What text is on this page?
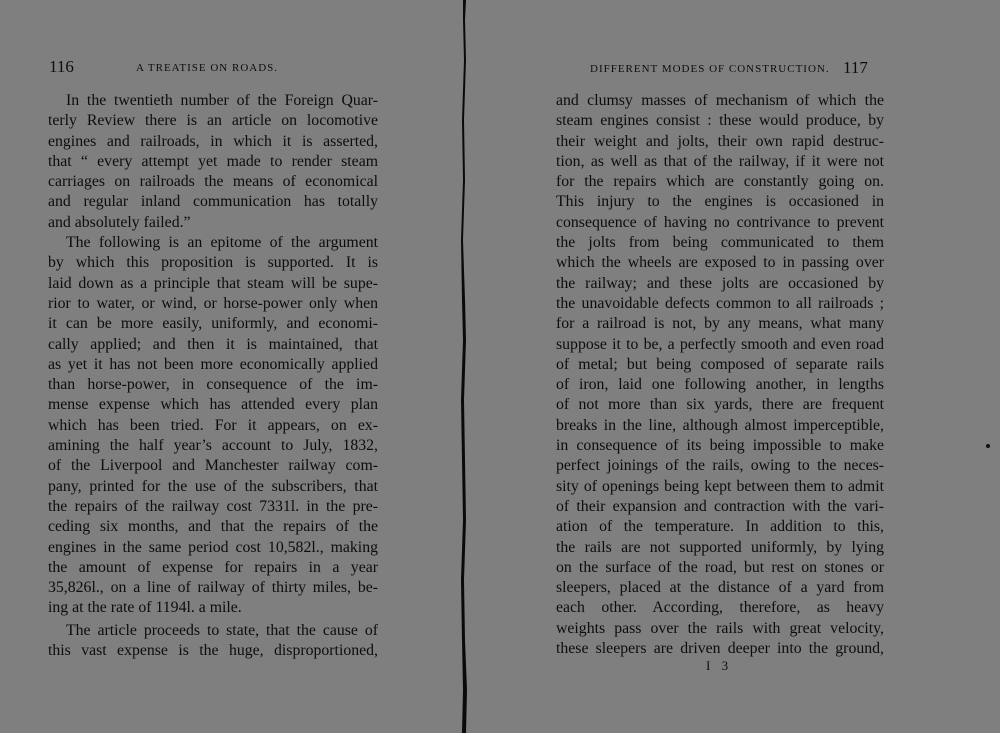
116	A TREATISE ON ROADS.
In the twentieth number of the Foreign Quar-
terly Review there is an article on locomotive
engines and railroads, in which it is asserted,
that “ every attempt yet made to render steam
carriages on railroads the means of economical
and regular inland communication has totally
and absolutely failed.”
The following is an epitome of the argument
by which this proposition is supported. It is
laid down as a principle that steam will be supe-
rior to water, or wind, or horse-power only when
it can be more easily, uniformly, and economi-
cally applied; and then it is maintained, that
as yet it has not been more economically applied
than horse-power, in consequence of the im-
mense expense which has attended every plan
which has been tried. For it appears, on ex-
amining the half year’s account to July, 1832,
of the Liverpool and Manchester railway com-
pany, printed for the use of the subscribers, that
the repairs of the railway cost 7331l. in the pre-
ceding six months, and that the repairs of the
engines in the same period cost 10,582l., making
the amount of expense for repairs in a year
35,826l., on a line of railway of thirty miles, be-
ing at the rate of 1194l. a mile.
The article proceeds to state, that the cause of
this vast expense is the huge, disproportioned,
DIFFERENT MODES OF CONSTRUCTION. 117
and clumsy masses of mechanism of which the
steam engines consist : these would produce, by
their weight and jolts, their own rapid destruc-
tion, as well as that of the railway, if it were not
for the repairs which are constantly going on.
This injury to the engines is occasioned in
consequence of having no contrivance to prevent
the jolts from being communicated to them
which the wheels are exposed to in passing over
the railway; and these jolts are occasioned by
the unavoidable defects common to all railroads ;
for a railroad is not, by any means, what many
suppose it to be, a perfectly smooth and even road
of metal; but being composed of separate rails
of iron, laid one following another, in lengths
of not more than six yards, there are frequent
breaks in the line, although almost imperceptible,
in consequence of its being impossible to make
perfect joinings of the rails, owing to the neces-
sity of openings being kept between them to admit
of their expansion and contraction with the vari-
ation of the temperature. In addition to this,
the rails are not supported uniformly, by lying
on the surface of the road, but rest on stones or
sleepers, placed at the distance of a yard from
each other. According, therefore, as heavy
weights pass over the rails with great velocity,
these sleepers are driven deeper into the ground,
I 3
